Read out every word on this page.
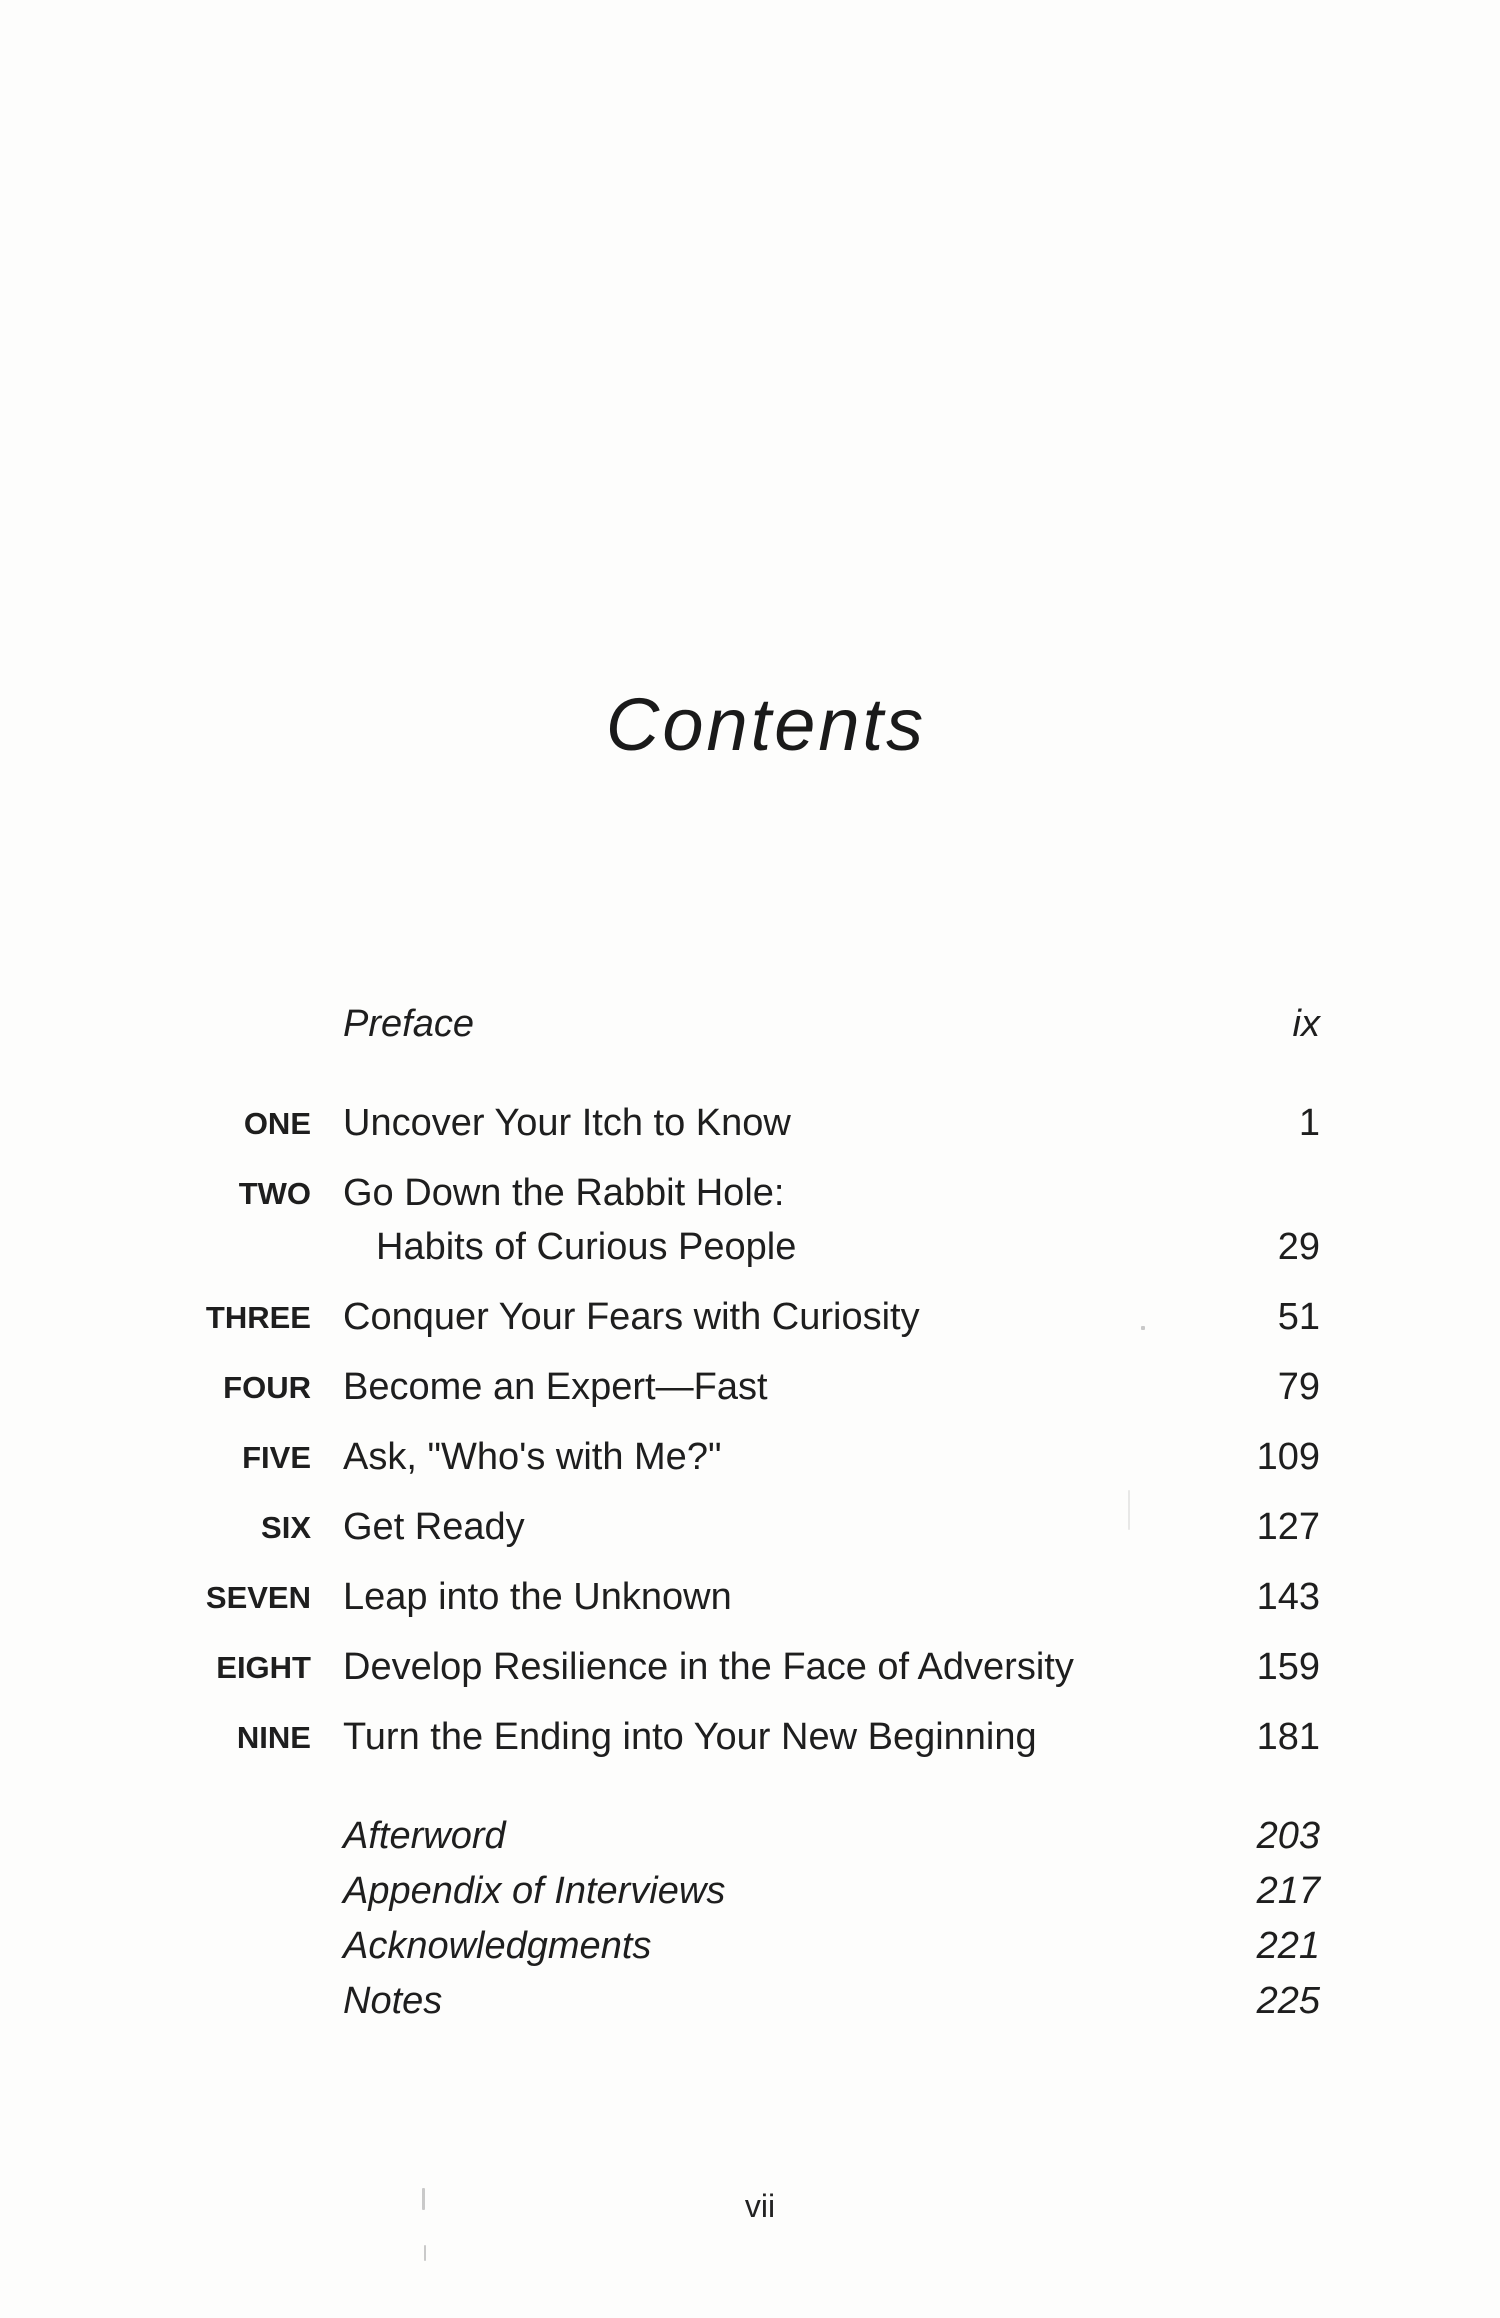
Contents
Preface	ix
ONE Uncover Your Itch to Know	1
TWO Go Down the Rabbit Hole:
Habits of Curious People	29
THREE Conquer Your Fears with Curiosity	51
FOUR Become an Expert—Fast	79
FIVE Ask, "Who's with Me?"	109
SIX Get Ready	127
SEVEN Leap into the Unknown	143
EIGHT Develop Resilience in the Face of Adversity	159
NINE Turn the Ending into Your New Beginning	181
Afterword	203
Appendix of Interviews	217
Acknowledgments	221
Notes	225
vii
